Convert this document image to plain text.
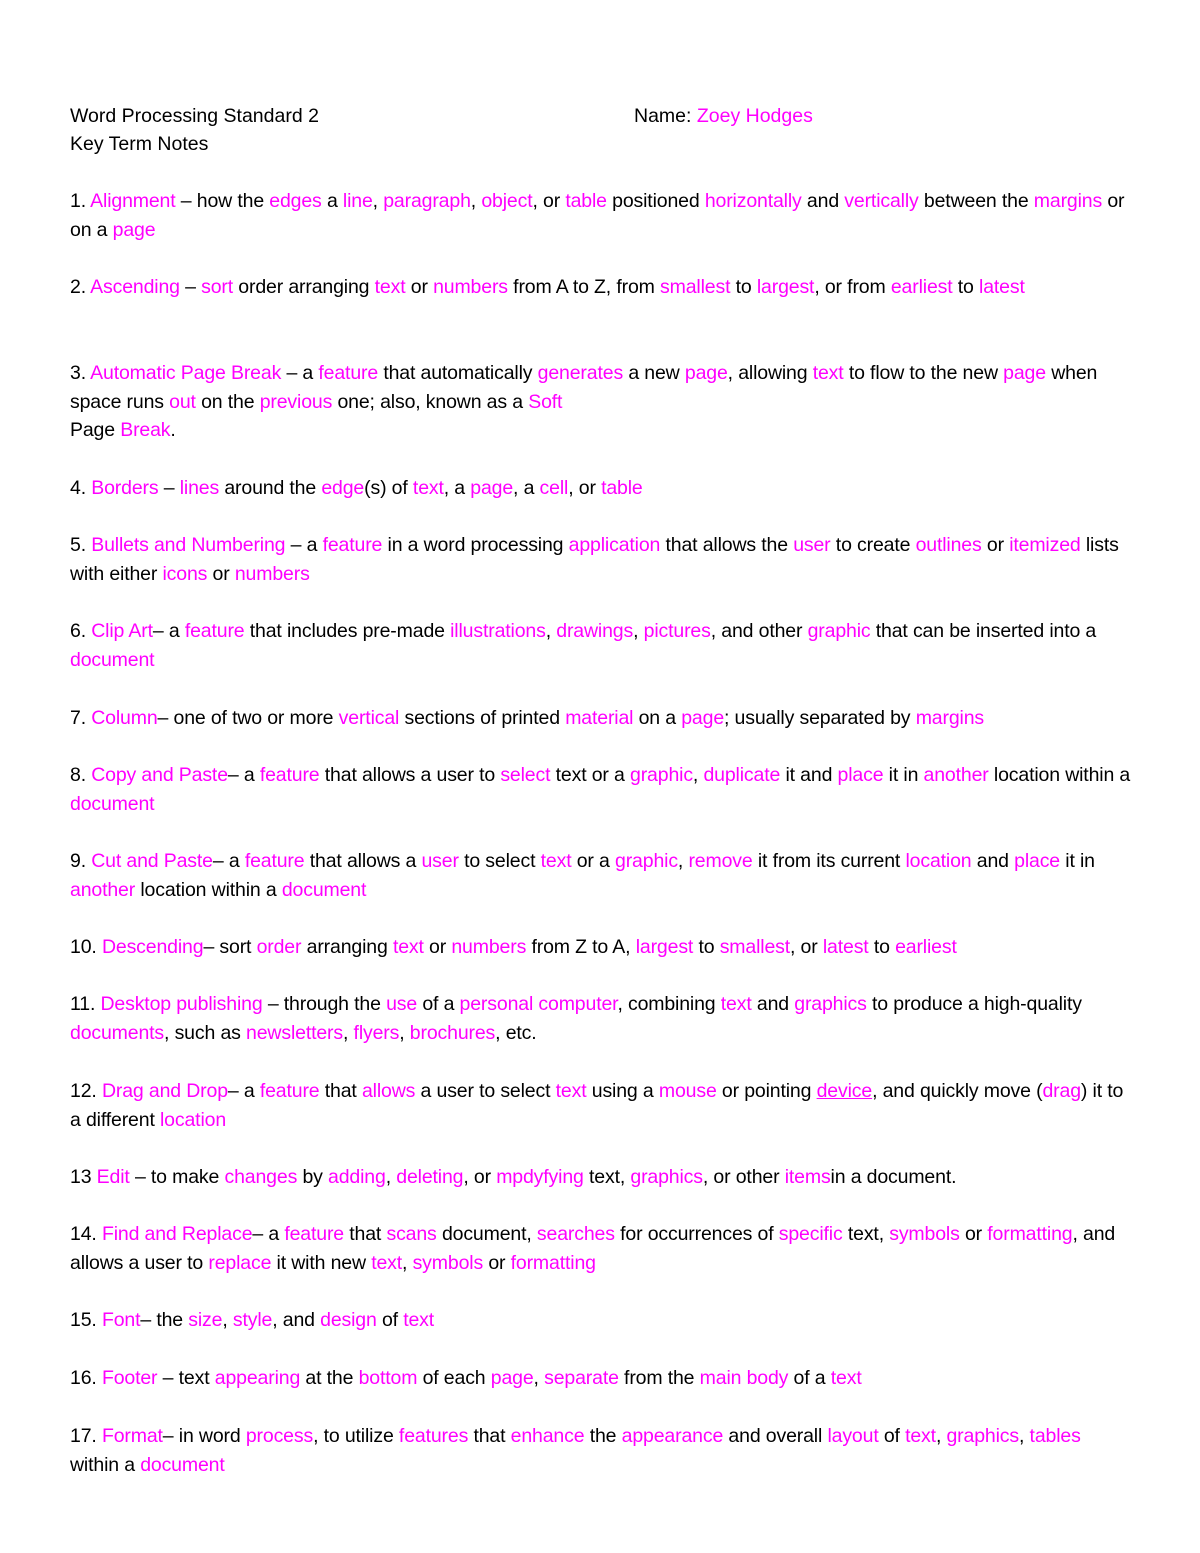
Word Processing Standard 2	Name: Zoey Hodges
Key Term Notes
1. Alignment – how the edges a line, paragraph, object, or table positioned horizontally and vertically between the margins or on a page
2. Ascending – sort order arranging text or numbers from A to Z, from smallest to largest, or from earliest to latest
3. Automatic Page Break – a feature that automatically generates a new page, allowing text to flow to the new page when space runs out on the previous one; also, known as a Soft
Page Break.
4. Borders – lines around the edge(s) of text, a page, a cell, or table
5. Bullets and Numbering – a feature in a word processing application that allows the user to create outlines or itemized lists with either icons or numbers
6. Clip Art– a feature that includes pre-made illustrations, drawings, pictures, and other graphic that can be inserted into a document
7. Column– one of two or more vertical sections of printed material on a page; usually separated by margins
8. Copy and Paste– a feature that allows a user to select text or a graphic, duplicate it and place it in another location within a document
9. Cut and Paste– a feature that allows a user to select text or a graphic, remove it from its current location and place it in another location within a document
10. Descending– sort order arranging text or numbers from Z to A, largest to smallest, or latest to earliest
11. Desktop publishing – through the use of a personal computer, combining text and graphics to produce a high-quality documents, such as newsletters, flyers, brochures, etc.
12. Drag and Drop– a feature that allows a user to select text using a mouse or pointing device, and quickly move (drag) it to a different location
13 Edit – to make changes by adding, deleting, or mpdyfying text, graphics, or other itemsin a document.
14. Find and Replace– a feature that scans document, searches for occurrences of specific text, symbols or formatting, and allows a user to replace it with new text, symbols or formatting
15. Font– the size, style, and design of text
16. Footer – text appearing at the bottom of each page, separate from the main body of a text
17. Format– in word process, to utilize features that enhance the appearance and overall layout of text, graphics, tables within a document
